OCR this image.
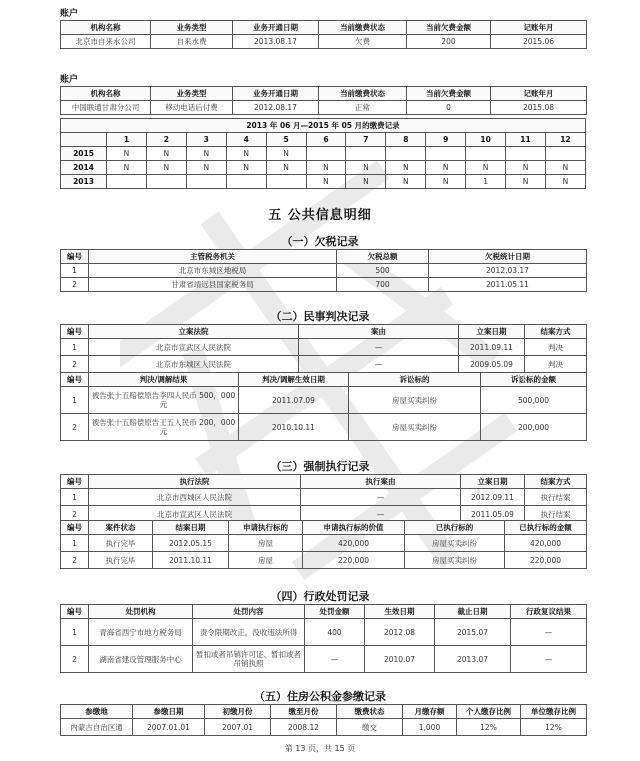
账户
机构名称	业务类型	业务开通日期	当前缴费状态	当前欠费金额	记账年月
北京市自来水公司	自来水费	2013.08.17	欠费	200	2015.06
账户
机构名称	业务类型	业务开通日期	当前缴费状态	当前欠费金额	记账年月
中国联通甘肃分公司	移动电话后付费	2012.08.17	正常	0	2015.08
2013 年 06 月—2015 年 05 月的缴费记录												
	1	2	3	4	5	6	7	8	9	10	11	12
2015	N	N	N	N	N							
2014	N	N	N	N	N	N	N	N	N	N	N	N
2013						N	N	N	N	1	N	N
五 公共信息明细
（一）欠税记录
编号	主管税务机关	欠税总额	欠税统计日期
1	北京市东城区地税局	500	2012.03.17
2	甘肃省靖远县国家税务局	700	2011.05.11
（二）民事判决记录
编号	立案法院	案由	立案日期	结案方式
1	北京市宣武区人民法院	—	2011.09.11	判决
2	北京市东城区人民法院	—	2009.05.09	判决
编号	判决/调解结果	判决/调解生效日期	诉讼标的	诉讼标的金额
1	被告张十五赔偿原告李四人民币 500，000 元	2011.07.09	房屋买卖纠纷	500,000
2	被告张十五赔偿原告王五人民币 200，000 元	2010.10.11	房屋买卖纠纷	200,000
（三）强制执行记录
编号	执行法院	执行案由	立案日期	结案方式
1	北京市西城区人民法院	—	2012.09.11	执行结案
2	北京市宣武区人民法院	—	2011.05.09	执行结案
编号	案件状态	结案日期	申请执行标的	申请执行标的价值	已执行标的	已执行标的金额
1	执行完毕	2012.05.15	房屋	420,000	房屋买卖纠纷	420,000
2	执行完毕	2011.10.11	房屋	220,000	房屋买卖纠纷	220,000
（四）行政处罚记录
编号	处罚机构	处罚内容	处罚金额	生效日期	截止日期	行政复议结果
1	青海省西宁市地方税务局	责令限期改正，没收违法所得	400	2012.08	2015.07	—
2	湖南省建设管理服务中心	暂扣或者吊销许可证、暂扣或者吊销执照	—	2010.07	2013.07	—
（五）住房公积金参缴记录
参缴地	参缴日期	初缴月份	缴至月份	缴费状态	月缴存额	个人缴存比例	单位缴存比例
内蒙古自治区通	2007.01.01	2007.01	2008.12	缴交	1,000	12%	12%
第 13 页，共 15 页
